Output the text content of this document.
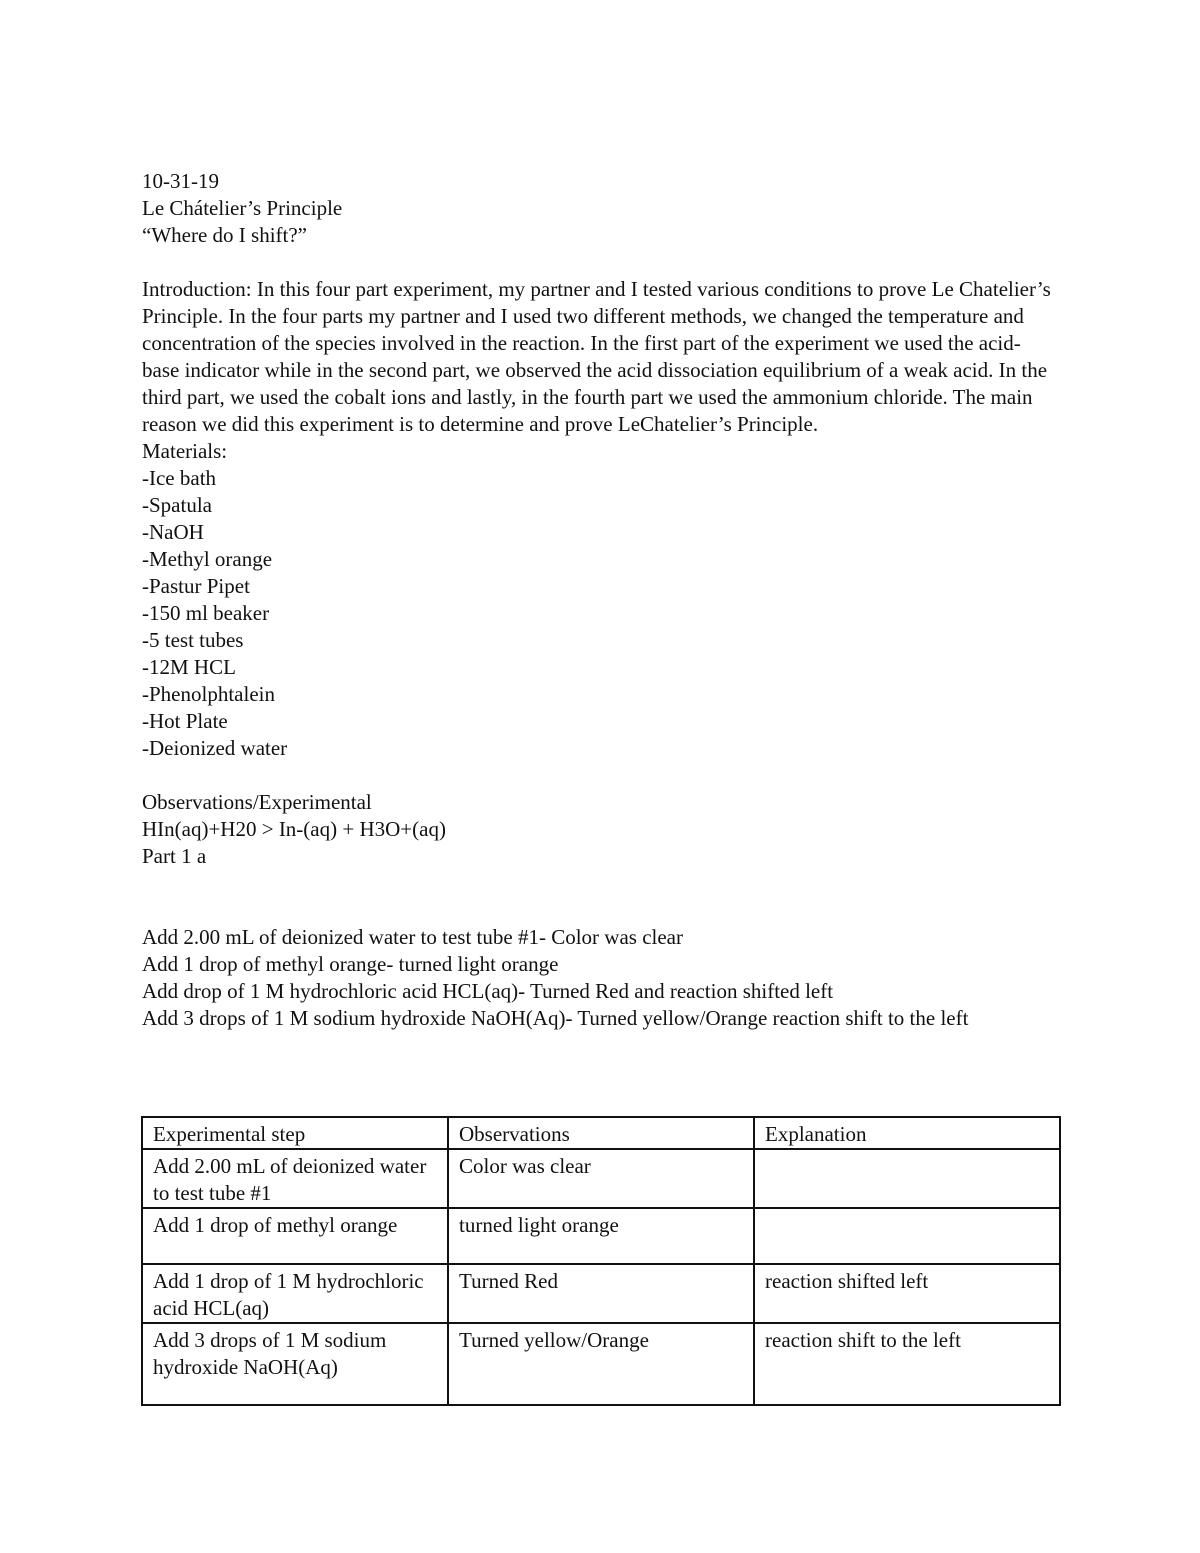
10-31-19
Le Chátelier’s Principle
“Where do I shift?”
Introduction: In this four part experiment, my partner and I tested various conditions to prove Le Chatelier’s Principle. In the four parts my partner and I used two different methods, we changed the temperature and concentration of the species involved in the reaction. In the first part of the experiment we used the acid-base indicator while in the second part, we observed the acid dissociation equilibrium of a weak acid. In the third part, we used the cobalt ions and lastly, in the fourth part we used the ammonium chloride. The main reason we did this experiment is to determine and prove LeChatelier’s Principle.
Materials:
-Ice bath
-Spatula
-NaOH
-Methyl orange
-Pastur Pipet
-150 ml beaker
-5 test tubes
-12M HCL
-Phenolphtalein
-Hot Plate
-Deionized water
Observations/Experimental
HIn(aq)+H20 > In-(aq) + H3O+(aq)
Part 1 a
Add 2.00 mL of deionized water to test tube #1- Color was clear
Add 1 drop of methyl orange- turned light orange
Add drop of 1 M hydrochloric acid HCL(aq)- Turned Red and reaction shifted left
Add 3 drops of 1 M sodium hydroxide NaOH(Aq)- Turned yellow/Orange reaction shift to the left
Experimental step	Observations	Explanation
Add 2.00 mL of deionized water to test tube #1	Color was clear	
Add 1 drop of methyl orange	turned light orange	
Add 1 drop of 1 M hydrochloric acid HCL(aq)	Turned Red	reaction shifted left
Add 3 drops of 1 M sodium hydroxide NaOH(Aq)	Turned yellow/Orange	reaction shift to the left
